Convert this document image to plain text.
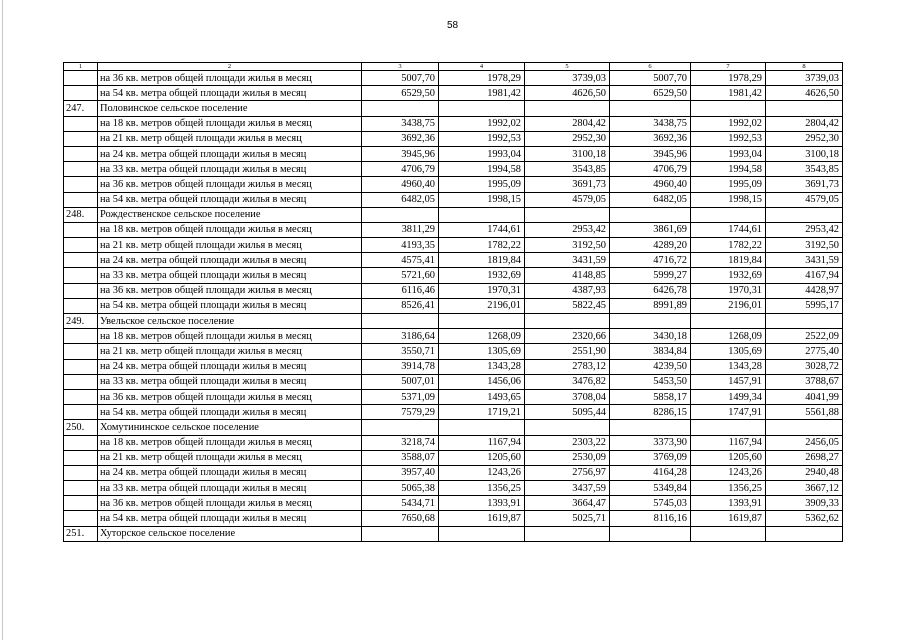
58
1	2	3	4	5	6	7	8
	на 36 кв. метров общей площади жилья в месяц	5007,70	1978,29	3739,03	5007,70	1978,29	3739,03
	на 54 кв. метра общей площади жилья в месяц	6529,50	1981,42	4626,50	6529,50	1981,42	4626,50
247.	Половинское сельское поселение						
	на 18 кв. метров общей площади жилья в месяц	3438,75	1992,02	2804,42	3438,75	1992,02	2804,42
	на 21 кв. метр общей площади жилья в месяц	3692,36	1992,53	2952,30	3692,36	1992,53	2952,30
	на 24 кв. метра общей площади жилья в месяц	3945,96	1993,04	3100,18	3945,96	1993,04	3100,18
	на 33 кв. метра общей площади жилья в месяц	4706,79	1994,58	3543,85	4706,79	1994,58	3543,85
	на 36 кв. метров общей площади жилья в месяц	4960,40	1995,09	3691,73	4960,40	1995,09	3691,73
	на 54 кв. метра общей площади жилья в месяц	6482,05	1998,15	4579,05	6482,05	1998,15	4579,05
248.	Рождественское сельское поселение						
	на 18 кв. метров общей площади жилья в месяц	3811,29	1744,61	2953,42	3861,69	1744,61	2953,42
	на 21 кв. метр общей площади жилья в месяц	4193,35	1782,22	3192,50	4289,20	1782,22	3192,50
	на 24 кв. метра общей площади жилья в месяц	4575,41	1819,84	3431,59	4716,72	1819,84	3431,59
	на 33 кв. метра общей площади жилья в месяц	5721,60	1932,69	4148,85	5999,27	1932,69	4167,94
	на 36 кв. метров общей площади жилья в месяц	6116,46	1970,31	4387,93	6426,78	1970,31	4428,97
	на 54 кв. метра общей площади жилья в месяц	8526,41	2196,01	5822,45	8991,89	2196,01	5995,17
249.	Увельское сельское поселение						
	на 18 кв. метров общей площади жилья в месяц	3186,64	1268,09	2320,66	3430,18	1268,09	2522,09
	на 21 кв. метр общей площади жилья в месяц	3550,71	1305,69	2551,90	3834,84	1305,69	2775,40
	на 24 кв. метра общей площади жилья в месяц	3914,78	1343,28	2783,12	4239,50	1343,28	3028,72
	на 33 кв. метра общей площади жилья в месяц	5007,01	1456,06	3476,82	5453,50	1457,91	3788,67
	на 36 кв. метров общей площади жилья в месяц	5371,09	1493,65	3708,04	5858,17	1499,34	4041,99
	на 54 кв. метра общей площади жилья в месяц	7579,29	1719,21	5095,44	8286,15	1747,91	5561,88
250.	Хомутининское сельское поселение						
	на 18 кв. метров общей площади жилья в месяц	3218,74	1167,94	2303,22	3373,90	1167,94	2456,05
	на 21 кв. метр общей площади жилья в месяц	3588,07	1205,60	2530,09	3769,09	1205,60	2698,27
	на 24 кв. метра общей площади жилья в месяц	3957,40	1243,26	2756,97	4164,28	1243,26	2940,48
	на 33 кв. метра общей площади жилья в месяц	5065,38	1356,25	3437,59	5349,84	1356,25	3667,12
	на 36 кв. метров общей площади жилья в месяц	5434,71	1393,91	3664,47	5745,03	1393,91	3909,33
	на 54 кв. метра общей площади жилья в месяц	7650,68	1619,87	5025,71	8116,16	1619,87	5362,62
251.	Хуторское сельское поселение						
